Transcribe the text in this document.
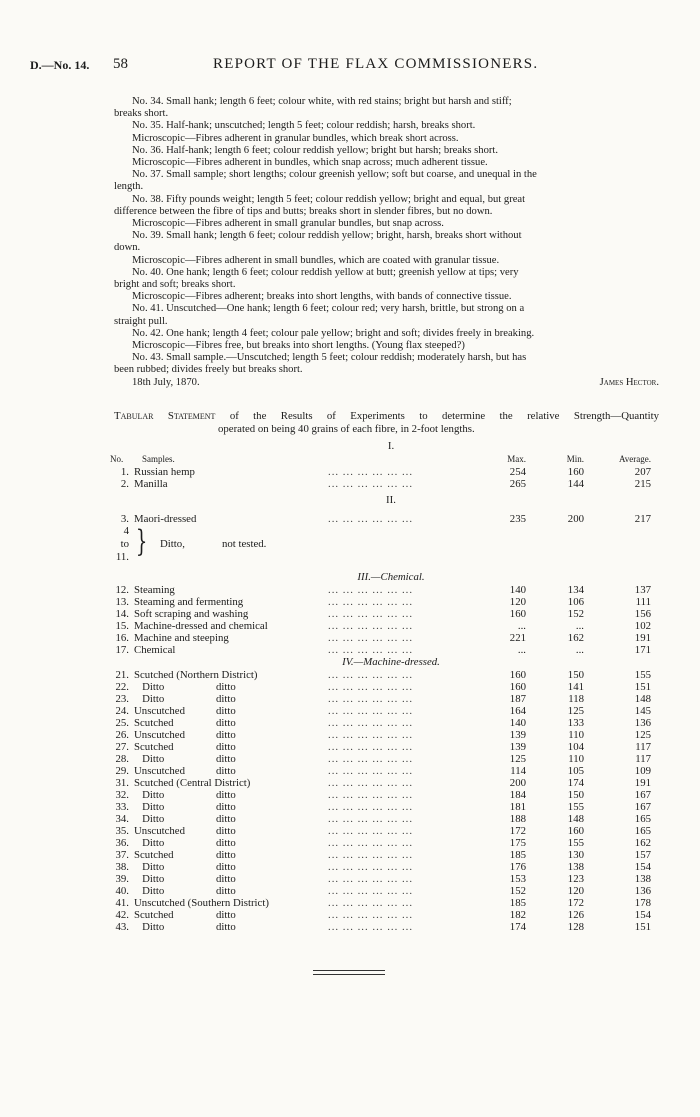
D.—No. 14. 58	REPORT OF THE FLAX COMMISSIONERS.

No. 34. Small hank; length 6 feet; colour white, with red stains; bright but harsh and stiff;

breaks short.

No. 35. Half-hank; unscutched; length 5 feet; colour reddish; harsh, breaks short.

Microscopic—Fibres adherent in granular bundles, which break short across.

No. 36. Half-hank; length 6 feet; colour reddish yellow; bright but harsh; breaks short.

Microscopic—Fibres adherent in bundles, which snap across; much adherent tissue.

No. 37. Small sample; short lengths; colour greenish yellow; soft but coarse, and unequal in the

length.

No. 38. Fifty pounds weight; length 5 feet; colour reddish yellow; bright and equal, but great

difference between the fibre of tips and butts; breaks short in slender fibres, but no down.

Microscopic—Fibres adherent in small granular bundles, but snap across.

No. 39. Small hank; length 6 feet; colour reddish yellow; bright, harsh, breaks short without

down.

Microscopic—Fibres adherent in small bundles, which are coated with granular tissue.

No. 40. One hank; length 6 feet; colour reddish yellow at butt; greenish yellow at tips; very

bright and soft; breaks short.

Microscopic—Fibres adherent; breaks into short lengths, with bands of connective tissue.

No. 41. Unscutched—One hank; length 6 feet; colour red; very harsh, brittle, but strong on a

straight pull.

No. 42. One hank; length 4 feet; colour pale yellow; bright and soft; divides freely in breaking.

Microscopic—Fibres free, but breaks into short lengths. (Young flax steeped?)

No. 43. Small sample.—Unscutched; length 5 feet; colour reddish; moderately harsh, but has

been rubbed; divides freely but breaks short.

18th July, 1870.	James Hector.
Tabular Statement of the Results of Experiments to determine the relative Strength—Quantity
operated on being 40 grains of each fibre, in 2-foot lengths.
I.
No. Samples.	Max.	Min.	Average.
1. Russian hemp	... ... ... ... ... ...	254	160	207
2. Manilla	... ... ... ... ... ...	265	144	215
II.
3. Maori-dressed	... ... ... ... ... ...	235	200	217
4
to
11. } Ditto,	not tested.
III.—Chemical.
12. Steaming	... ... ... ... ... ...	140	134	137
13. Steaming and fermenting	... ... ... ... ... ...	120	106	111
14. Soft scraping and washing	... ... ... ... ... ...	160	152	156
15. Machine-dressed and chemical	... ... ... ... ... ...	...	...	102
16. Machine and steeping	... ... ... ... ... ...	221	162	191
17. Chemical	... ... ... ... ... ...	...	...	171
IV.—Machine-dressed.
21. Scutched (Northern District)	... ... ... ... ... ...	160	150	155
22. Ditto	ditto	... ... ... ... ... ...	160	141	151
23. Ditto	ditto	... ... ... ... ... ...	187	118	148
24. Unscutched	ditto	... ... ... ... ... ...	164	125	145
25. Scutched	ditto	... ... ... ... ... ...	140	133	136
26. Unscutched	ditto	... ... ... ... ... ...	139	110	125
27. Scutched	ditto	... ... ... ... ... ...	139	104	117
28. Ditto	ditto	... ... ... ... ... ...	125	110	117
29. Unscutched	ditto	... ... ... ... ... ...	114	105	109
31. Scutched (Central District)	... ... ... ... ... ...	200	174	191
32. Ditto	ditto	... ... ... ... ... ...	184	150	167
33. Ditto	ditto	... ... ... ... ... ...	181	155	167
34. Ditto	ditto	... ... ... ... ... ...	188	148	165
35. Unscutched	ditto	... ... ... ... ... ...	172	160	165
36. Ditto	ditto	... ... ... ... ... ...	175	155	162
37. Scutched	ditto	... ... ... ... ... ...	185	130	157
38. Ditto	ditto	... ... ... ... ... ...	176	138	154
39. Ditto	ditto	... ... ... ... ... ...	153	123	138
40. Ditto	ditto	... ... ... ... ... ...	152	120	136
41. Unscutched (Southern District)	... ... ... ... ... ...	185	172	178
42. Scutched	ditto	... ... ... ... ... ...	182	126	154
43. Ditto	ditto	... ... ... ... ... ...	174	128	151
